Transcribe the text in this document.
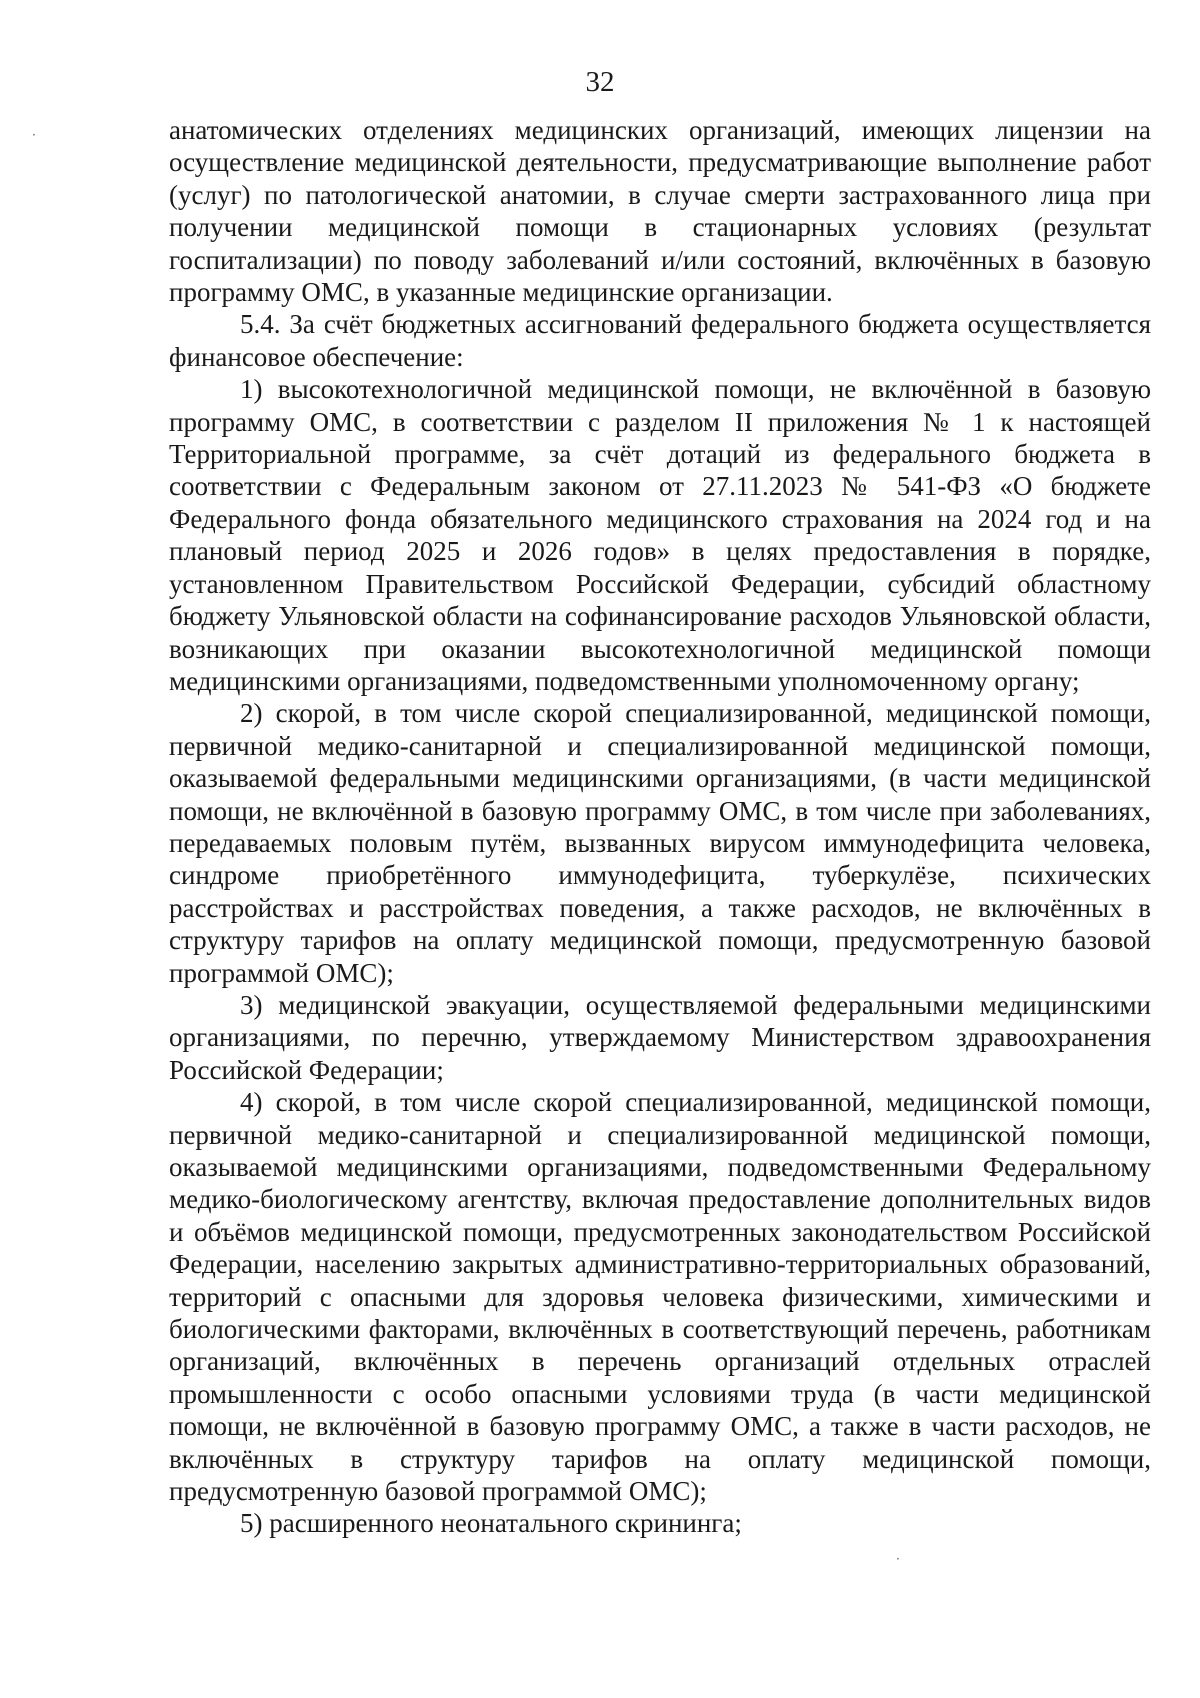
32
·
·

анатомических отделениях медицинских организаций, имеющих лицензии на осуществление медицинской деятельности, предусматривающие выполнение работ (услуг) по патологической анатомии, в случае смерти застрахованного лица при получении медицинской помощи в стационарных условиях (результат госпитализации) по поводу заболеваний и/или состояний, включённых в базовую программу ОМС, в указанные медицинские организации.

5.4. За счёт бюджетных ассигнований федерального бюджета осуществляется финансовое обеспечение:

1) высокотехнологичной медицинской помощи, не включённой в базовую программу ОМС, в соответствии с разделом II приложения № 1 к настоящей Территориальной программе, за счёт дотаций из федерального бюджета в соответствии с Федеральным законом от 27.11.2023 № 541-ФЗ «О бюджете Федерального фонда обязательного медицинского страхования на 2024 год и на плановый период 2025 и 2026 годов» в целях предоставления в порядке, установленном Правительством Российской Федерации, субсидий областному бюджету Ульяновской области на софинансирование расходов Ульяновской области, возникающих при оказании высокотехнологичной медицинской помощи медицинскими организациями, подведомственными уполномоченному органу;

2) скорой, в том числе скорой специализированной, медицинской помощи, первичной медико-санитарной и специализированной медицинской помощи, оказываемой федеральными медицинскими организациями, (в части медицинской помощи, не включённой в базовую программу ОМС, в том числе при заболеваниях, передаваемых половым путём, вызванных вирусом иммунодефицита человека, синдроме приобретённого иммунодефицита, туберкулёзе, психических расстройствах и расстройствах поведения, а также расходов, не включённых в структуру тарифов на оплату медицинской помощи, предусмотренную базовой программой ОМС);

3) медицинской эвакуации, осуществляемой федеральными медицинскими организациями, по перечню, утверждаемому Министерством здравоохранения Российской Федерации;

4) скорой, в том числе скорой специализированной, медицинской помощи, первичной медико-санитарной и специализированной медицинской помощи, оказываемой медицинскими организациями, подведомственными Федеральному медико-биологическому агентству, включая предоставление дополнительных видов и объёмов медицинской помощи, предусмотренных законодательством Российской Федерации, населению закрытых административно-территориальных образований, территорий с опасными для здоровья человека физическими, химическими и биологическими факторами, включённых в соответствующий перечень, работникам организаций, включённых в перечень организаций отдельных отраслей промышленности с особо опасными условиями труда (в части медицинской помощи, не включённой в базовую программу ОМС, а также в части расходов, не включённых в структуру тарифов на оплату медицинской помощи, предусмотренную базовой программой ОМС);

5) расширенного неонатального скрининга;
